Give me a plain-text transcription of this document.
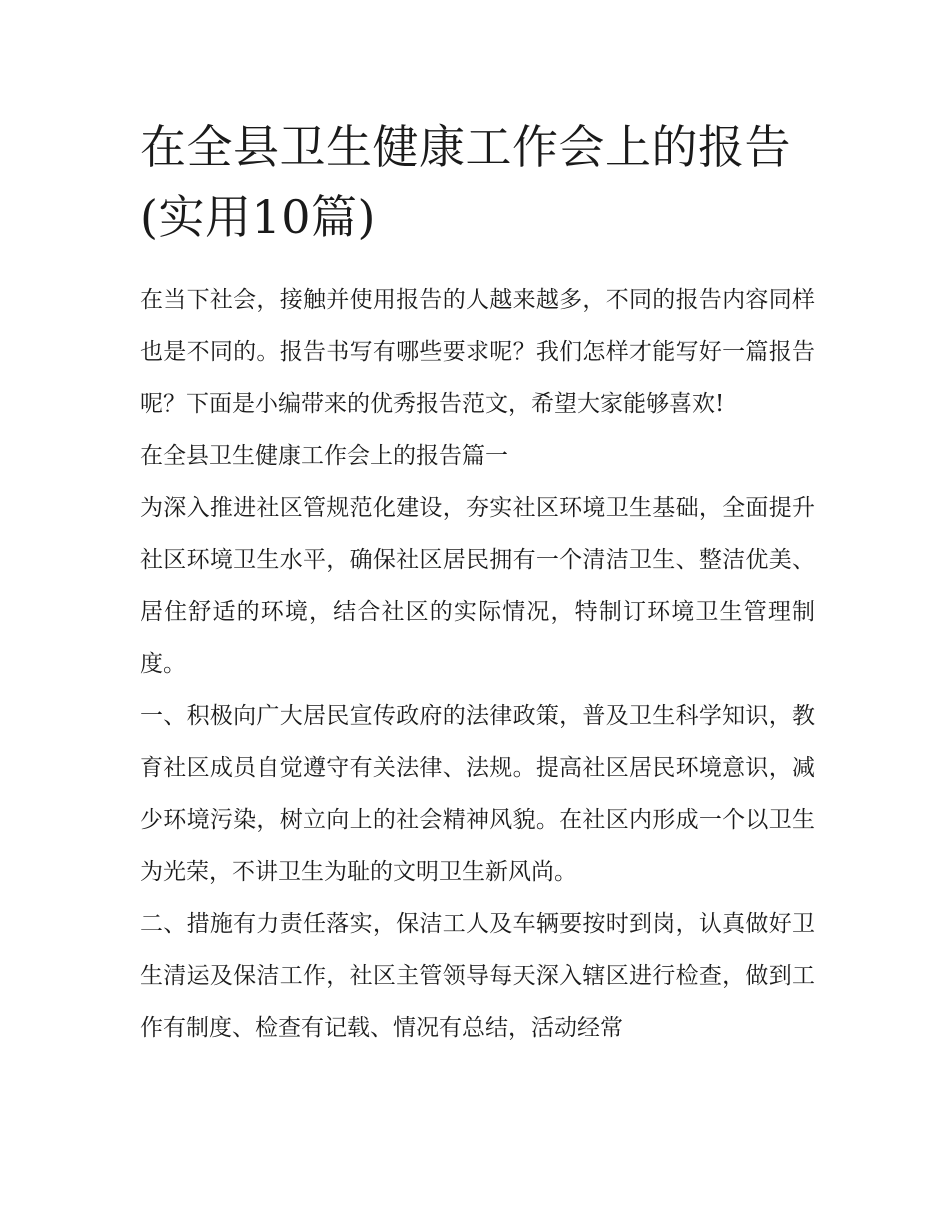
在全县卫生健康工作会上的报告(实用10篇)

在当下社会，接触并使用报告的人越来越多，不同的报告内容同样也是不同的。报告书写有哪些要求呢？我们怎样才能写好一篇报告呢？下面是小编带来的优秀报告范文，希望大家能够喜欢!

在全县卫生健康工作会上的报告篇一

为深入推进社区管规范化建设，夯实社区环境卫生基础，全面提升社区环境卫生水平，确保社区居民拥有一个清洁卫生、整洁优美、居住舒适的环境，结合社区的实际情况，特制订环境卫生管理制度。

一、积极向广大居民宣传政府的法律政策，普及卫生科学知识，教育社区成员自觉遵守有关法律、法规。提高社区居民环境意识，减少环境污染，树立向上的社会精神风貌。在社区内形成一个以卫生为光荣，不讲卫生为耻的文明卫生新风尚。

二、措施有力责任落实，保洁工人及车辆要按时到岗，认真做好卫生清运及保洁工作，社区主管领导每天深入辖区进行检查，做到工作有制度、检查有记载、情况有总结，活动经常
